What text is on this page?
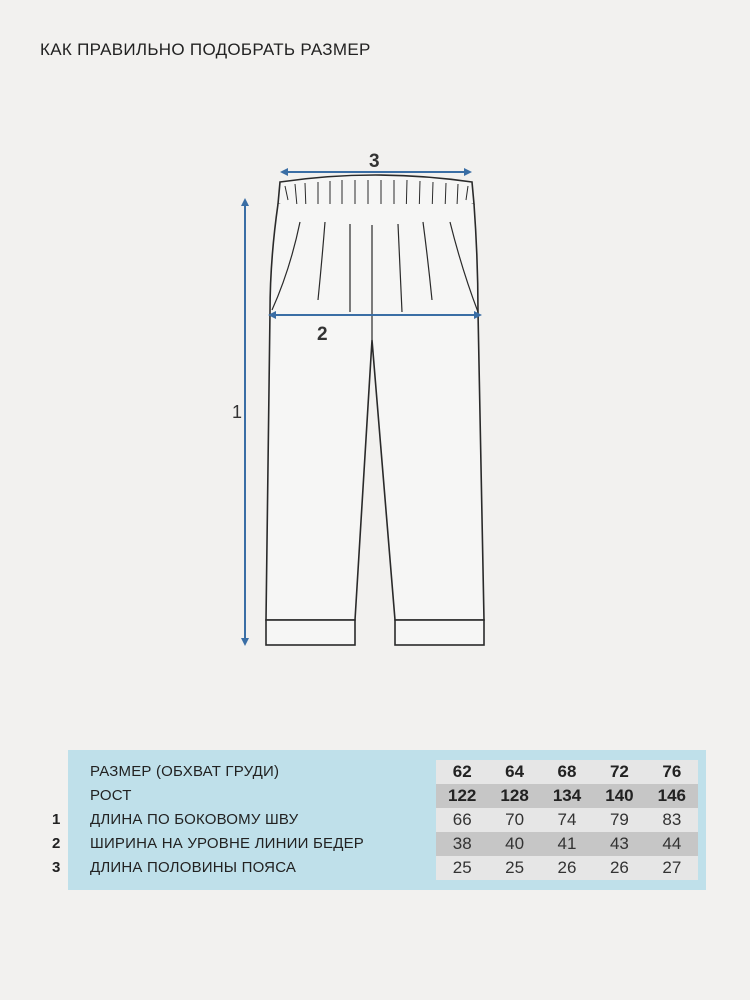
КАК ПРАВИЛЬНО ПОДОБРАТЬ РАЗМЕР
1
2
3
РАЗМЕР (ОБХВАТ ГРУДИ)	62	64	68	72	76
РОСТ	122	128	134	140	146
ДЛИНА ПО БОКОВОМУ ШВУ	66	70	74	79	83
ШИРИНА НА УРОВНЕ ЛИНИИ БЕДЕР	38	40	41	43	44
ДЛИНА ПОЛОВИНЫ ПОЯСА	25	25	26	26	27
1
2
3
